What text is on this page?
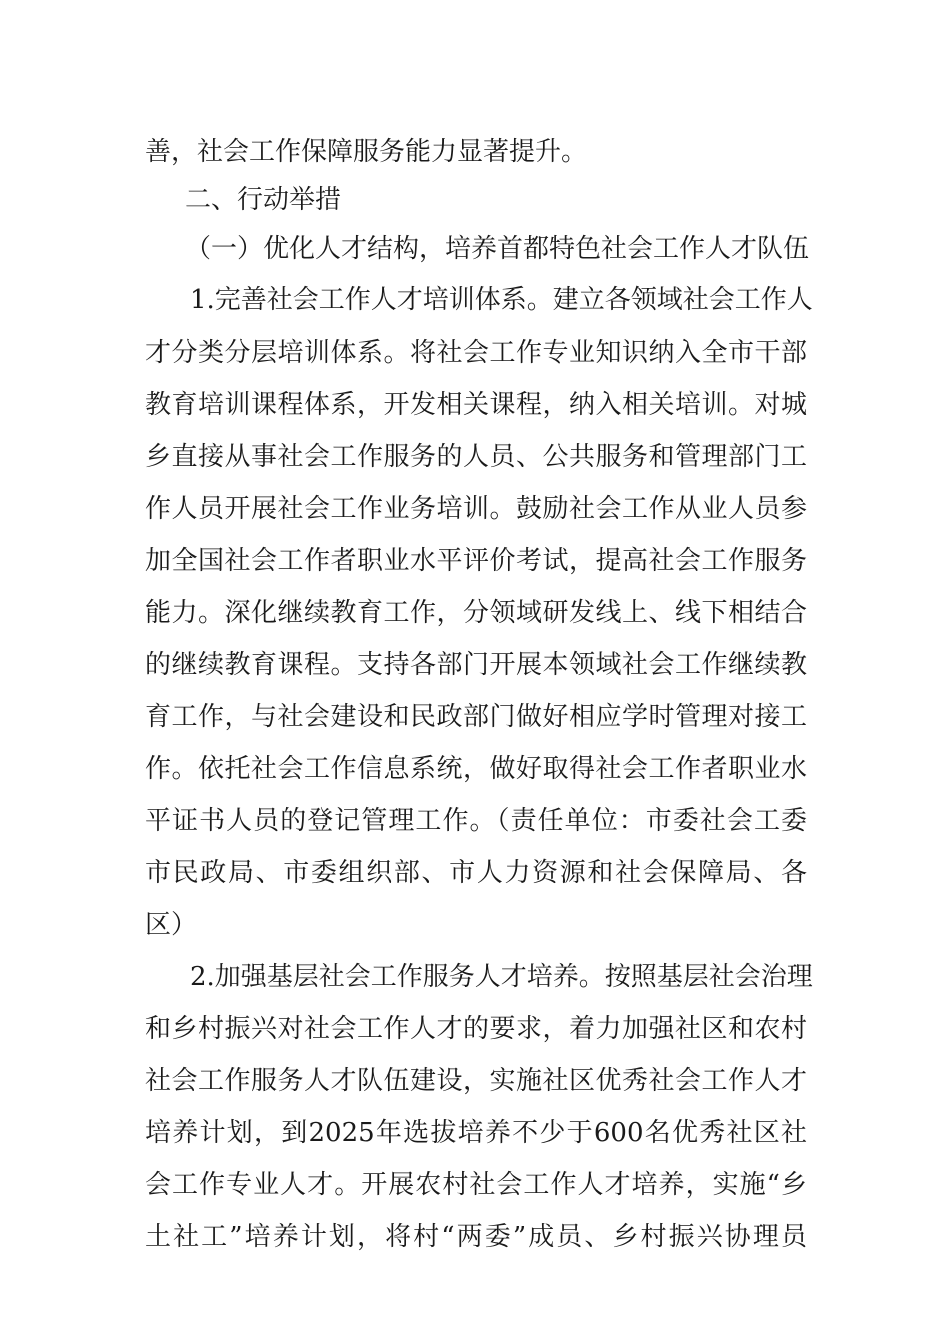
善，社会工作保障服务能力显著提升。
二、行动举措
（一）优化人才结构，培养首都特色社会工作人才队伍
1.完善社会工作人才培训体系。建立各领域社会工作人
才分类分层培训体系。将社会工作专业知识纳入全市干部
教育培训课程体系，开发相关课程，纳入相关培训。对城
乡直接从事社会工作服务的人员、公共服务和管理部门工
作人员开展社会工作业务培训。鼓励社会工作从业人员参
加全国社会工作者职业水平评价考试，提高社会工作服务
能力。深化继续教育工作，分领域研发线上、线下相结合
的继续教育课程。支持各部门开展本领域社会工作继续教
育工作，与社会建设和民政部门做好相应学时管理对接工
作。依托社会工作信息系统，做好取得社会工作者职业水
平证书人员的登记管理工作。（责任单位：市委社会工委
市民政局、市委组织部、市人力资源和社会保障局、各
区）
2.加强基层社会工作服务人才培养。按照基层社会治理
和乡村振兴对社会工作人才的要求，着力加强社区和农村
社会工作服务人才队伍建设，实施社区优秀社会工作人才
培养计划，到2025年选拔培养不少于600名优秀社区社
会工作专业人才。开展农村社会工作人才培养，实施“乡
土社工”培养计划，将村“两委”成员、乡村振兴协理员
